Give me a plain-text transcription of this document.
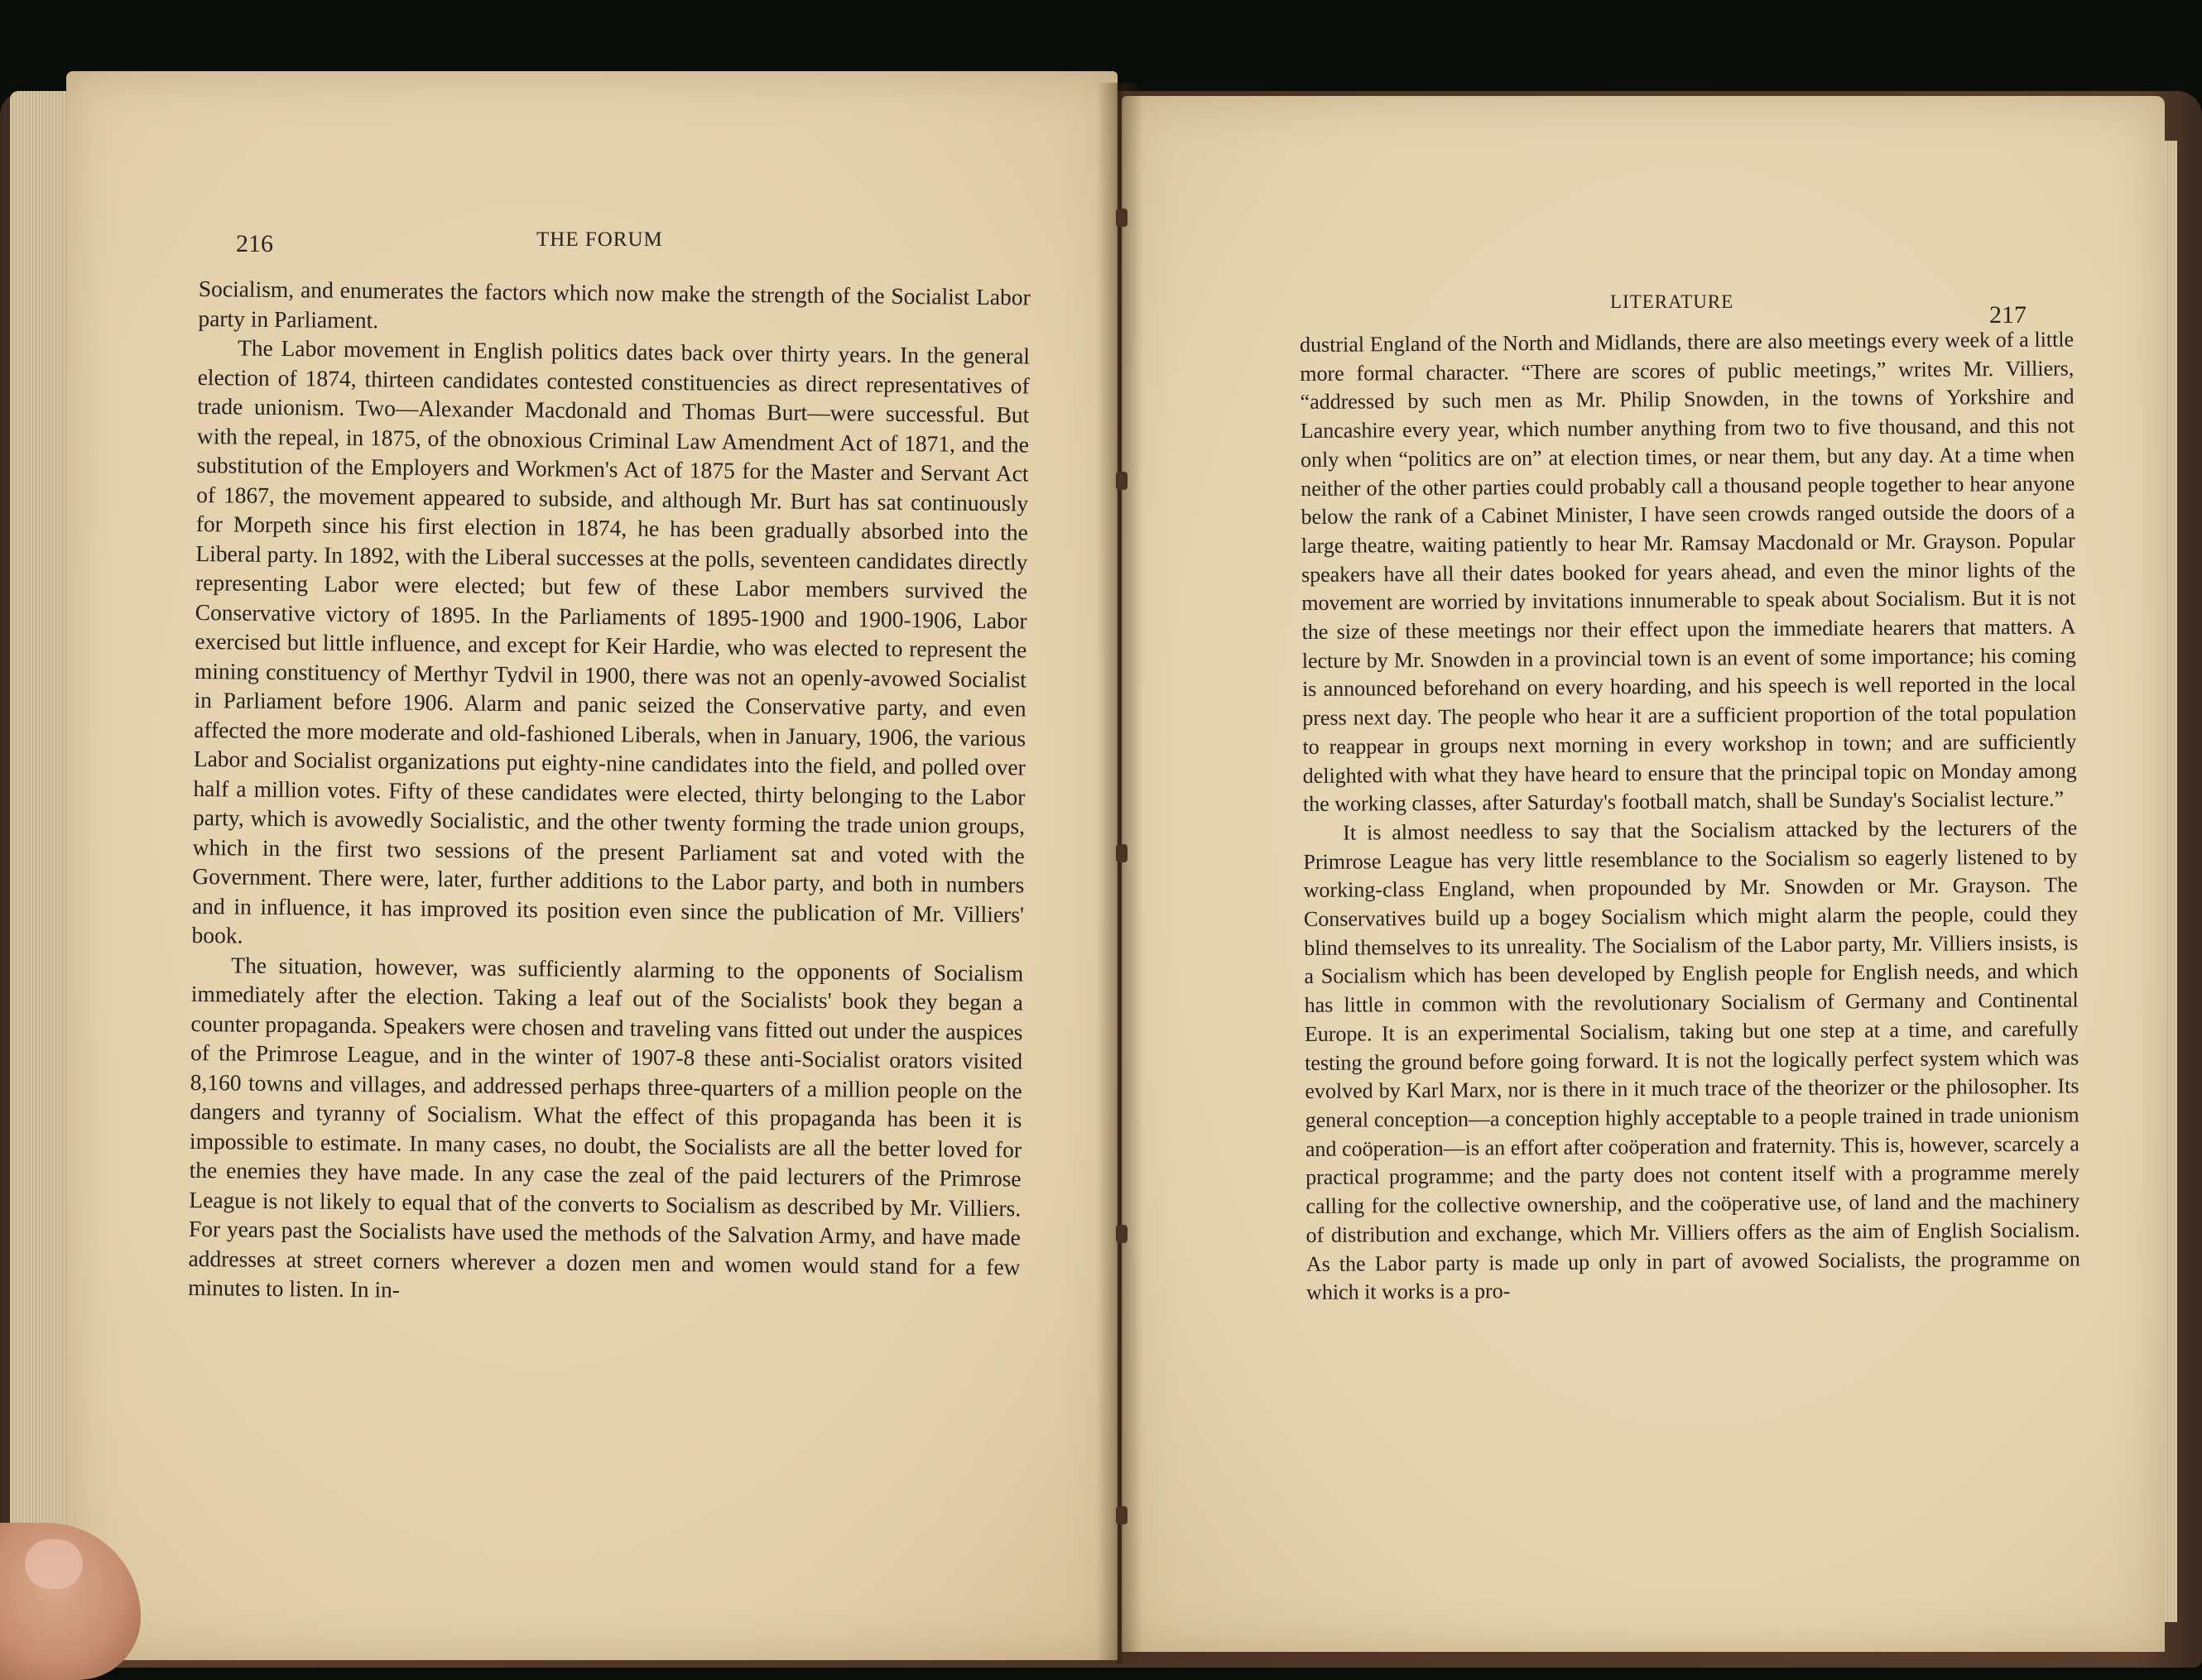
216	THE FORUM

Socialism, and enumerates the factors which now make the strength of the Socialist Labor party in Parliament.

The Labor movement in English politics dates back over thirty years. In the general election of 1874, thirteen candidates contested constituencies as direct representatives of trade unionism. Two—Alexander Macdonald and Thomas Burt—were successful. But with the repeal, in 1875, of the obnoxious Criminal Law Amendment Act of 1871, and the substitution of the Employers and Workmen's Act of 1875 for the Master and Servant Act of 1867, the movement appeared to subside, and although Mr. Burt has sat continuously for Morpeth since his first election in 1874, he has been gradually absorbed into the Liberal party. In 1892, with the Liberal successes at the polls, seventeen candidates directly representing Labor were elected; but few of these Labor members survived the Conservative victory of 1895. In the Parliaments of 1895-1900 and 1900-1906, Labor exercised but little influence, and except for Keir Hardie, who was elected to represent the mining constituency of Merthyr Tydvil in 1900, there was not an openly-avowed Socialist in Parliament before 1906. Alarm and panic seized the Conservative party, and even affected the more moderate and old-fashioned Liberals, when in January, 1906, the various Labor and Socialist organizations put eighty-nine candidates into the field, and polled over half a million votes. Fifty of these candidates were elected, thirty belonging to the Labor party, which is avowedly Socialistic, and the other twenty forming the trade union groups, which in the first two sessions of the present Parliament sat and voted with the Government. There were, later, further additions to the Labor party, and both in numbers and in influence, it has improved its position even since the publication of Mr. Villiers' book.

The situation, however, was sufficiently alarming to the opponents of Socialism immediately after the election. Taking a leaf out of the Socialists' book they began a counter propaganda. Speakers were chosen and traveling vans fitted out under the auspices of the Primrose League, and in the winter of 1907-8 these anti-Socialist orators visited 8,160 towns and villages, and addressed perhaps three-quarters of a million people on the dangers and tyranny of Socialism. What the effect of this propaganda has been it is impossible to estimate. In many cases, no doubt, the Socialists are all the better loved for the enemies they have made. In any case the zeal of the paid lecturers of the Primrose League is not likely to equal that of the converts to Socialism as described by Mr. Villiers. For years past the Socialists have used the methods of the Salvation Army, and have made addresses at street corners wherever a dozen men and women would stand for a few minutes to listen. In in-

LITERATURE	217

dustrial England of the North and Midlands, there are also meetings every week of a little more formal character. “There are scores of public meetings,” writes Mr. Villiers, “addressed by such men as Mr. Philip Snowden, in the towns of Yorkshire and Lancashire every year, which number anything from two to five thousand, and this not only when “politics are on” at election times, or near them, but any day. At a time when neither of the other parties could probably call a thousand people together to hear anyone below the rank of a Cabinet Minister, I have seen crowds ranged outside the doors of a large theatre, waiting patiently to hear Mr. Ramsay Macdonald or Mr. Grayson. Popular speakers have all their dates booked for years ahead, and even the minor lights of the movement are worried by invitations innumerable to speak about Socialism. But it is not the size of these meetings nor their effect upon the immediate hearers that matters. A lecture by Mr. Snowden in a provincial town is an event of some importance; his coming is announced beforehand on every hoarding, and his speech is well reported in the local press next day. The people who hear it are a sufficient proportion of the total population to reappear in groups next morning in every workshop in town; and are sufficiently delighted with what they have heard to ensure that the principal topic on Monday among the working classes, after Saturday's football match, shall be Sunday's Socialist lecture.”

It is almost needless to say that the Socialism attacked by the lecturers of the Primrose League has very little resemblance to the Socialism so eagerly listened to by working-class England, when propounded by Mr. Snowden or Mr. Grayson. The Conservatives build up a bogey Socialism which might alarm the people, could they blind themselves to its unreality. The Socialism of the Labor party, Mr. Villiers insists, is a Socialism which has been developed by English people for English needs, and which has little in common with the revolutionary Socialism of Germany and Continental Europe. It is an experimental Socialism, taking but one step at a time, and carefully testing the ground before going forward. It is not the logically perfect system which was evolved by Karl Marx, nor is there in it much trace of the theorizer or the philosopher. Its general conception—a conception highly acceptable to a people trained in trade unionism and coöperation—is an effort after coöperation and fraternity. This is, however, scarcely a practical programme; and the party does not content itself with a programme merely calling for the collective ownership, and the coöperative use, of land and the machinery of distribution and exchange, which Mr. Villiers offers as the aim of English Socialism. As the Labor party is made up only in part of avowed Socialists, the programme on which it works is a pro-
